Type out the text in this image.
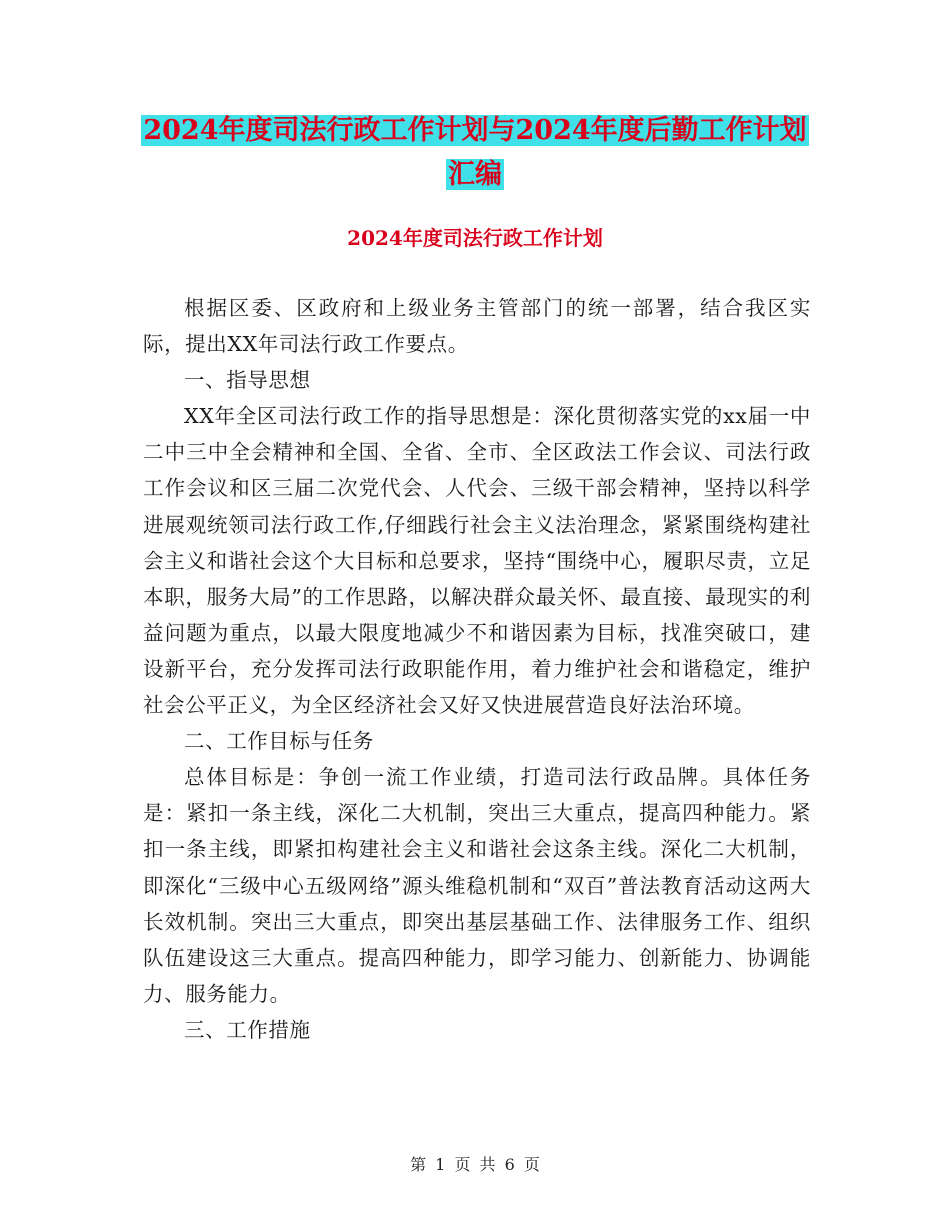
2024年度司法行政工作计划与2024年度后勤工作计划
汇编
2024年度司法行政工作计划

根据区委、区政府和上级业务主管部门的统一部署，结合我区实际，提出XX年司法行政工作要点。

一、指导思想

XX年全区司法行政工作的指导思想是：深化贯彻落实党的xx届一中二中三中全会精神和全国、全省、全市、全区政法工作会议、司法行政工作会议和区三届二次党代会、人代会、三级干部会精神，坚持以科学进展观统领司法行政工作,仔细践行社会主义法治理念，紧紧围绕构建社会主义和谐社会这个大目标和总要求，坚持“围绕中心，履职尽责，立足本职，服务大局”的工作思路，以解决群众最关怀、最直接、最现实的利益问题为重点，以最大限度地减少不和谐因素为目标，找准突破口，建设新平台，充分发挥司法行政职能作用，着力维护社会和谐稳定，维护社会公平正义，为全区经济社会又好又快进展营造良好法治环境。

二、工作目标与任务

总体目标是：争创一流工作业绩，打造司法行政品牌。具体任务是：紧扣一条主线，深化二大机制，突出三大重点，提高四种能力。紧扣一条主线，即紧扣构建社会主义和谐社会这条主线。深化二大机制，即深化“三级中心五级网络”源头维稳机制和“双百”普法教育活动这两大长效机制。突出三大重点，即突出基层基础工作、法律服务工作、组织队伍建设这三大重点。提高四种能力，即学习能力、创新能力、协调能力、服务能力。

三、工作措施

第 1 页 共 6 页
